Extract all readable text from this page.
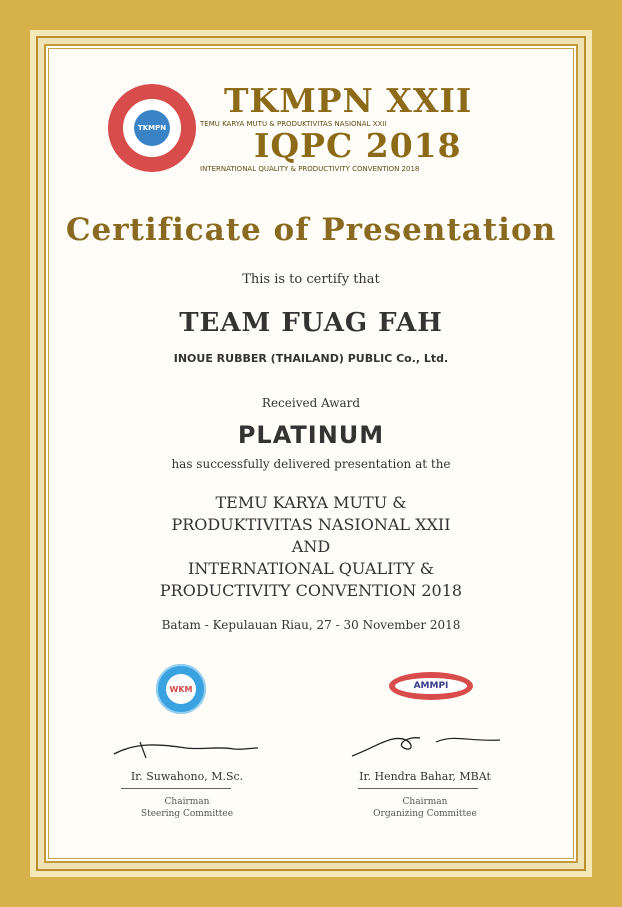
TKMPN
TKMPN XXII
TEMU KARYA MUTU & PRODUKTIVITAS NASIONAL XXII
IQPC 2018
INTERNATIONAL QUALITY & PRODUCTIVITY CONVENTION 2018
Certificate of Presentation
This is to certify that
TEAM FUAG FAH
INOUE RUBBER (THAILAND) PUBLIC Co., Ltd.
Received Award
PLATINUM
has successfully delivered presentation at the
TEMU KARYA MUTU &
PRODUKTIVITAS NASIONAL XXII
AND
INTERNATIONAL QUALITY &
PRODUCTIVITY CONVENTION 2018
Batam - Kepulauan Riau, 27 - 30 November 2018
WKM	AMMPI
Ir. Suwahono, M.Sc.
Chairman
Steering Committee
Ir. Hendra Bahar, MBAt
Chairman
Organizing Committee
